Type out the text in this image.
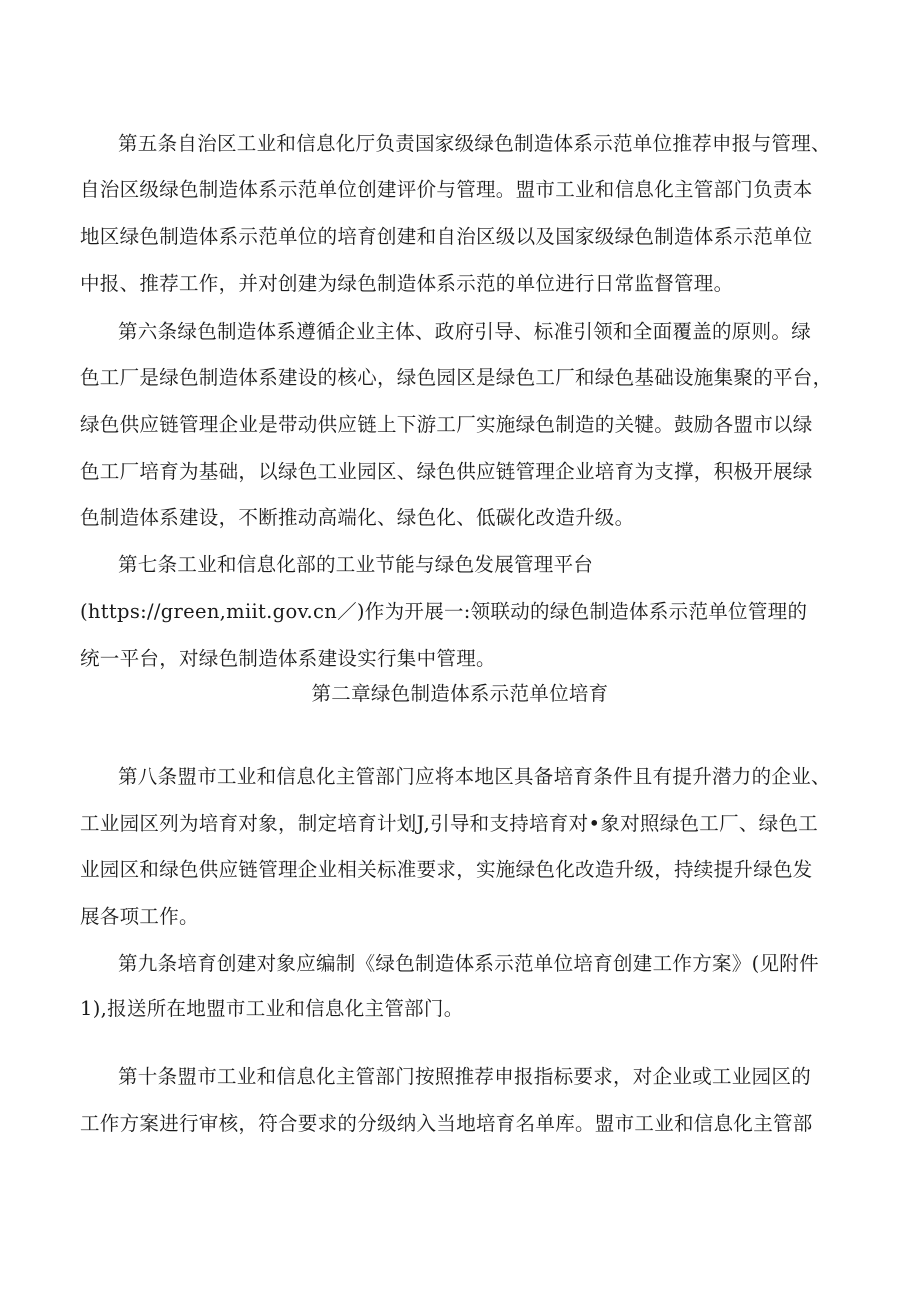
第五条自治区工业和信息化厅负责国家级绿色制造体系示范单位推荐申报与管理、
自治区级绿色制造体系示范单位创建评价与管理。盟市工业和信息化主管部门负责本
地区绿色制造体系示范单位的培育创建和自治区级以及国家级绿色制造体系示范单位
中报、推荐工作，并对创建为绿色制造体系示范的单位进行日常监督管理。
第六条绿色制造体系遵循企业主体、政府引导、标准引领和全面覆盖的原则。绿
色工厂是绿色制造体系建设的核心，绿色园区是绿色工厂和绿色基础设施集聚的平台，
绿色供应链管理企业是带动供应链上下游工厂实施绿色制造的关犍。鼓励各盟市以绿
色工厂培育为基础，以绿色工业园区、绿色供应链管理企业培育为支撑，积极开展绿
色制造体系建设，不断推动高端化、绿色化、低碳化改造升级。
第七条工业和信息化部的工业节能与绿色发展管理平台
(https://green,miit.gov.cn／)作为开展一:领联动的绿色制造体系示范单位管理的
统一平台，对绿色制造体系建设实行集中管理。
第二章绿色制造体系示范单位培育
第八条盟市工业和信息化主管部门应将本地区具备培育条件且有提升潜力的企业、
工业园区列为培育对象，制定培育计划J,引导和支持培育对•象对照绿色工厂、绿色工
业园区和绿色供应链管理企业相关标准要求，实施绿色化改造升级，持续提升绿色发
展各项工作。
第九条培育创建对象应编制《绿色制造体系示范单位培育创建工作方案》(见附件
1),报送所在地盟市工业和信息化主管部门。
第十条盟市工业和信息化主管部门按照推荐申报指标要求，对企业或工业园区的
工作方案进行审核，符合要求的分级纳入当地培育名单库。盟市工业和信息化主管部
